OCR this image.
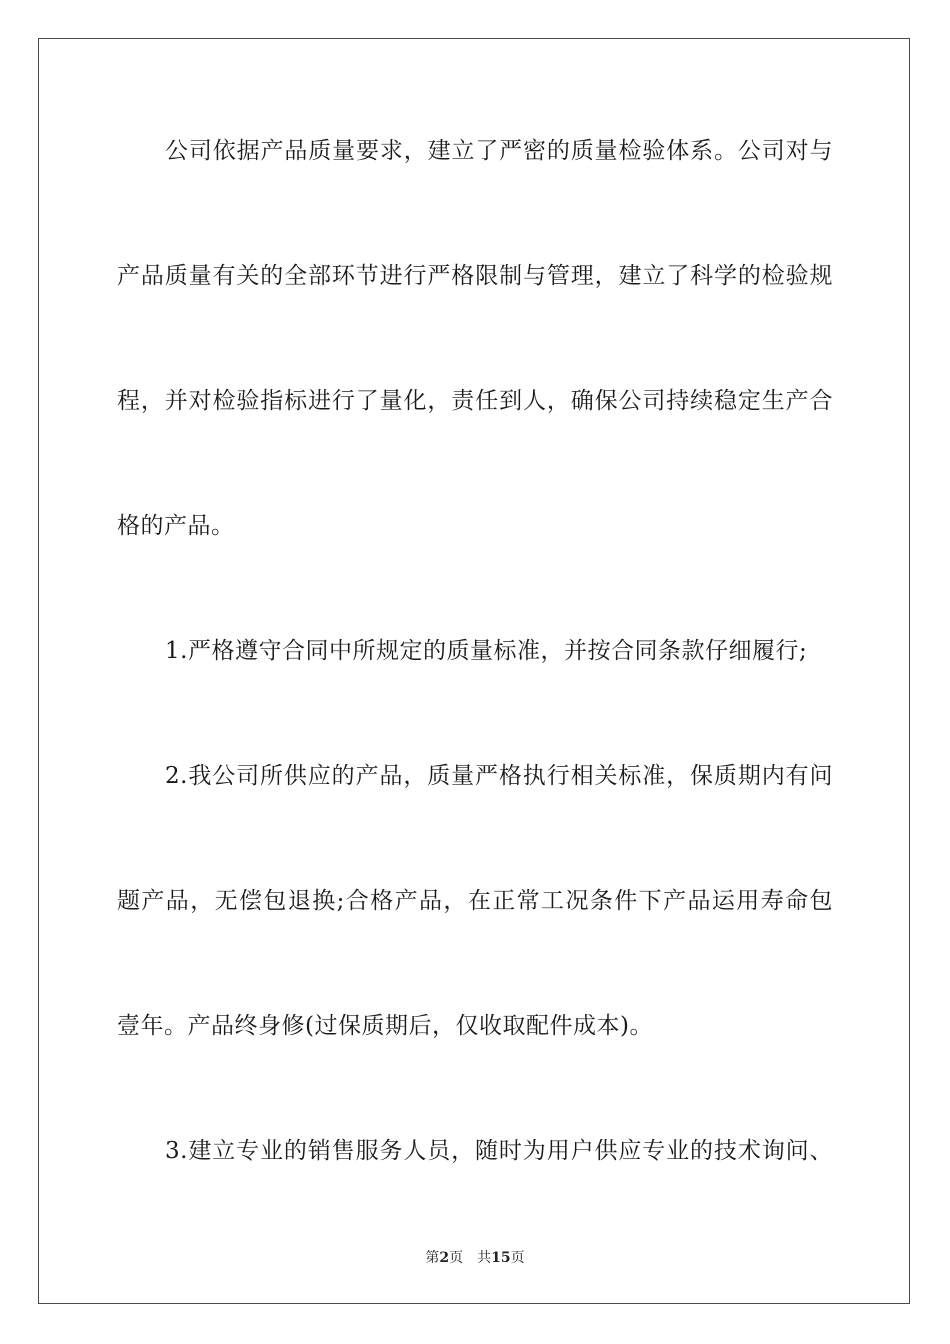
公司依据产品质量要求，建立了严密的质量检验体系。公司对与
产品质量有关的全部环节进行严格限制与管理，建立了科学的检验规
程，并对检验指标进行了量化，责任到人，确保公司持续稳定生产合
格的产品。
1.严格遵守合同中所规定的质量标准，并按合同条款仔细履行;
2.我公司所供应的产品，质量严格执行相关标准，保质期内有问
题产品，无偿包退换;合格产品，在正常工况条件下产品运用寿命包
壹年。产品终身修(过保质期后，仅收取配件成本)。
3.建立专业的销售服务人员，随时为用户供应专业的技术询问、
第2页 共15页
